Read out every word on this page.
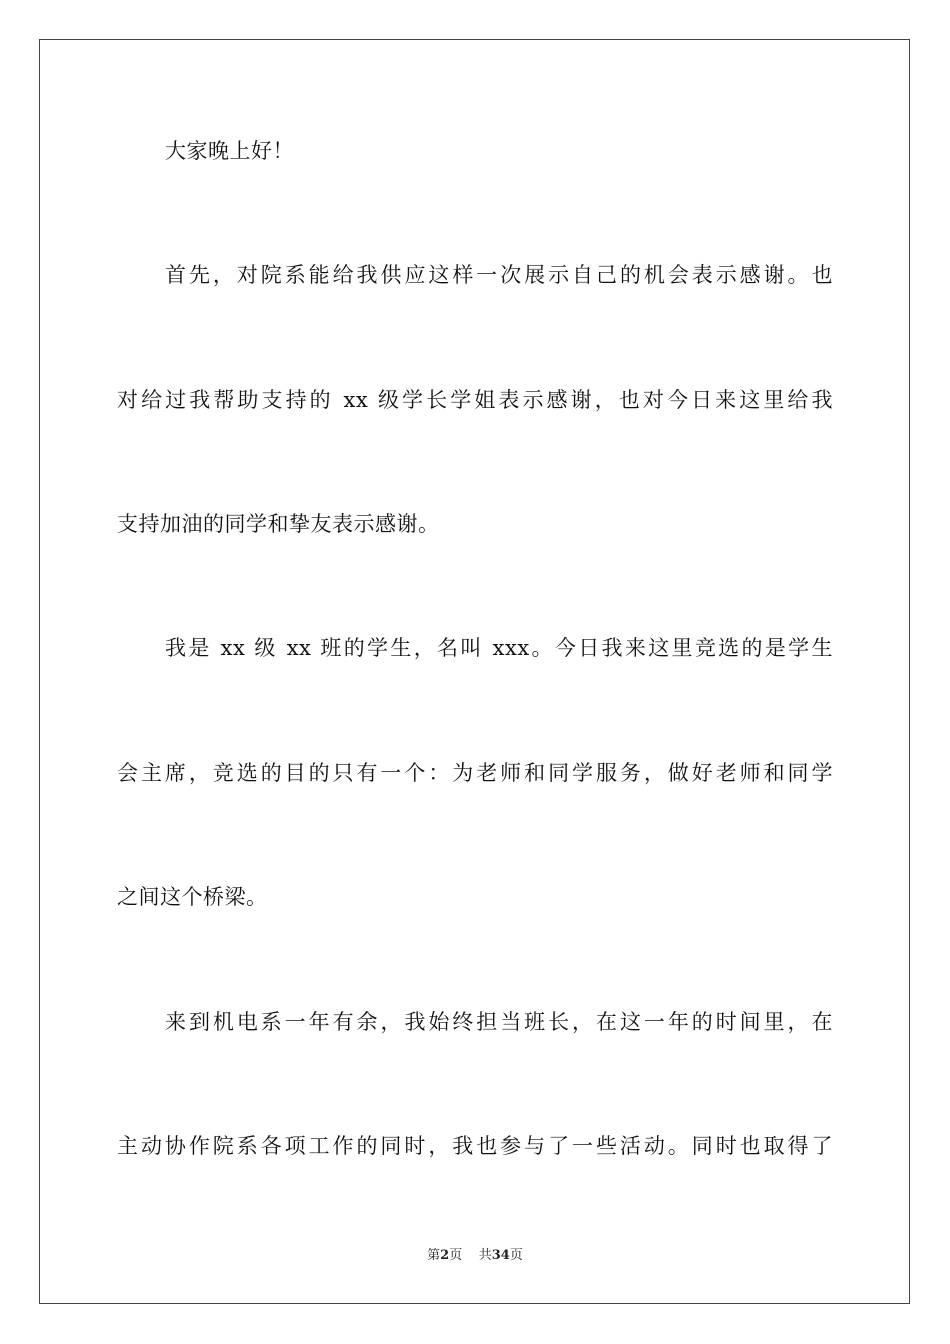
大家晚上好！
首先，对院系能给我供应这样一次展示自己的机会表示感谢。也
对给过我帮助支持的 xx 级学长学姐表示感谢，也对今日来这里给我
支持加油的同学和挚友表示感谢。
我是 xx 级 xx 班的学生，名叫 xxx。今日我来这里竞选的是学生
会主席，竞选的目的只有一个：为老师和同学服务，做好老师和同学
之间这个桥梁。
来到机电系一年有余，我始终担当班长，在这一年的时间里，在
主动协作院系各项工作的同时，我也参与了一些活动。同时也取得了
第2页 共34页
